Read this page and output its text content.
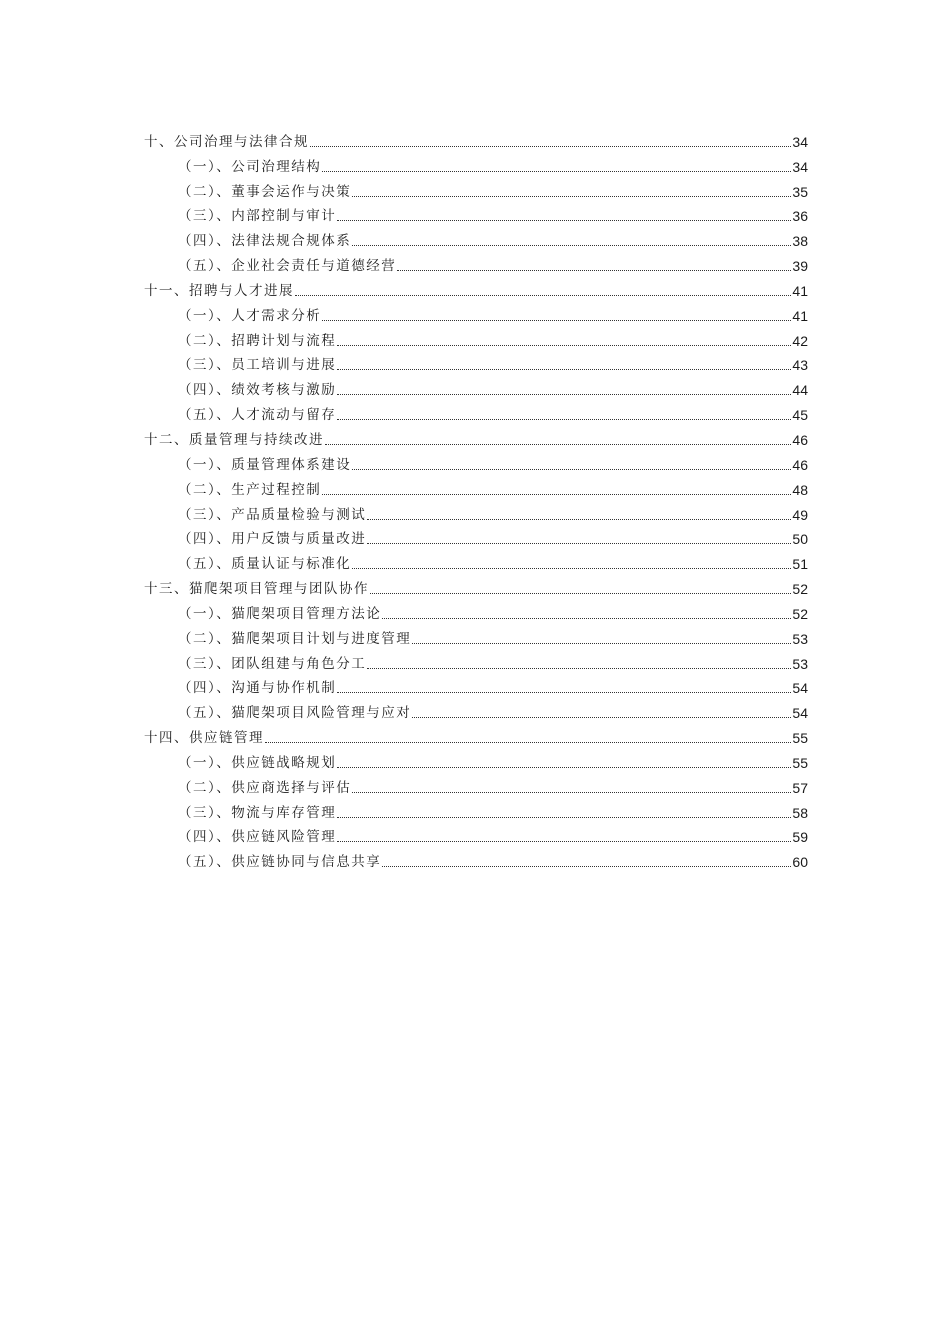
十、公司治理与法律合规	34
（一）、公司治理结构	34
（二）、董事会运作与决策	35
（三）、内部控制与审计	36
（四）、法律法规合规体系	38
（五）、企业社会责任与道德经营	39
十一、招聘与人才进展	41
（一）、人才需求分析	41
（二）、招聘计划与流程	42
（三）、员工培训与进展	43
（四）、绩效考核与激励	44
（五）、人才流动与留存	45
十二、质量管理与持续改进	46
（一）、质量管理体系建设	46
（二）、生产过程控制	48
（三）、产品质量检验与测试	49
（四）、用户反馈与质量改进	50
（五）、质量认证与标准化	51
十三、猫爬架项目管理与团队协作	52
（一）、猫爬架项目管理方法论	52
（二）、猫爬架项目计划与进度管理	53
（三）、团队组建与角色分工	53
（四）、沟通与协作机制	54
（五）、猫爬架项目风险管理与应对	54
十四、供应链管理	55
（一）、供应链战略规划	55
（二）、供应商选择与评估	57
（三）、物流与库存管理	58
（四）、供应链风险管理	59
（五）、供应链协同与信息共享	60
